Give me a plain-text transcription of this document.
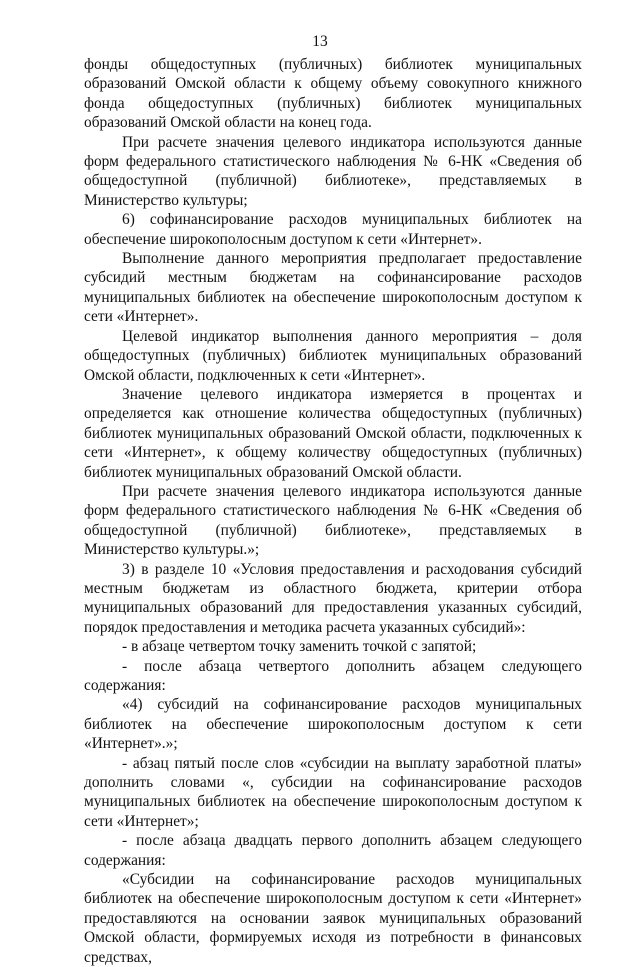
13

фонды общедоступных (публичных) библиотек муниципальных образований Омской области к общему объему совокупного книжного фонда общедоступных (публичных) библиотек муниципальных образований Омской области на конец года.

При расчете значения целевого индикатора используются данные форм федерального статистического наблюдения № 6-НК «Сведения об общедоступной (публичной) библиотеке», представляемых в Министерство культуры;

6) софинансирование расходов муниципальных библиотек на обеспечение широкополосным доступом к сети «Интернет».

Выполнение данного мероприятия предполагает предоставление субсидий местным бюджетам на софинансирование расходов муниципальных библиотек на обеспечение широкополосным доступом к сети «Интернет».

Целевой индикатор выполнения данного мероприятия – доля общедоступных (публичных) библиотек муниципальных образований Омской области, подключенных к сети «Интернет».

Значение целевого индикатора измеряется в процентах и определяется как отношение количества общедоступных (публичных) библиотек муниципальных образований Омской области, подключенных к сети «Интернет», к общему количеству общедоступных (публичных) библиотек муниципальных образований Омской области.

При расчете значения целевого индикатора используются данные форм федерального статистического наблюдения № 6-НК «Сведения об общедоступной (публичной) библиотеке», представляемых в Министерство культуры.»;

3) в разделе 10 «Условия предоставления и расходования субсидий местным бюджетам из областного бюджета, критерии отбора муниципальных образований для предоставления указанных субсидий, порядок предоставления и методика расчета указанных субсидий»:

- в абзаце четвертом точку заменить точкой с запятой;

- после абзаца четвертого дополнить абзацем следующего содержания:

«4) субсидий на софинансирование расходов муниципальных библиотек на обеспечение широкополосным доступом к сети «Интернет».»;

- абзац пятый после слов «субсидии на выплату заработной платы» дополнить словами «, субсидии на софинансирование расходов муниципальных библиотек на обеспечение широкополосным доступом к сети «Интернет»;

- после абзаца двадцать первого дополнить абзацем следующего содержания:

«Субсидии на софинансирование расходов муниципальных библиотек на обеспечение широкополосным доступом к сети «Интернет» предоставляются на основании заявок муниципальных образований Омской области, формируемых исходя из потребности в финансовых средствах,
